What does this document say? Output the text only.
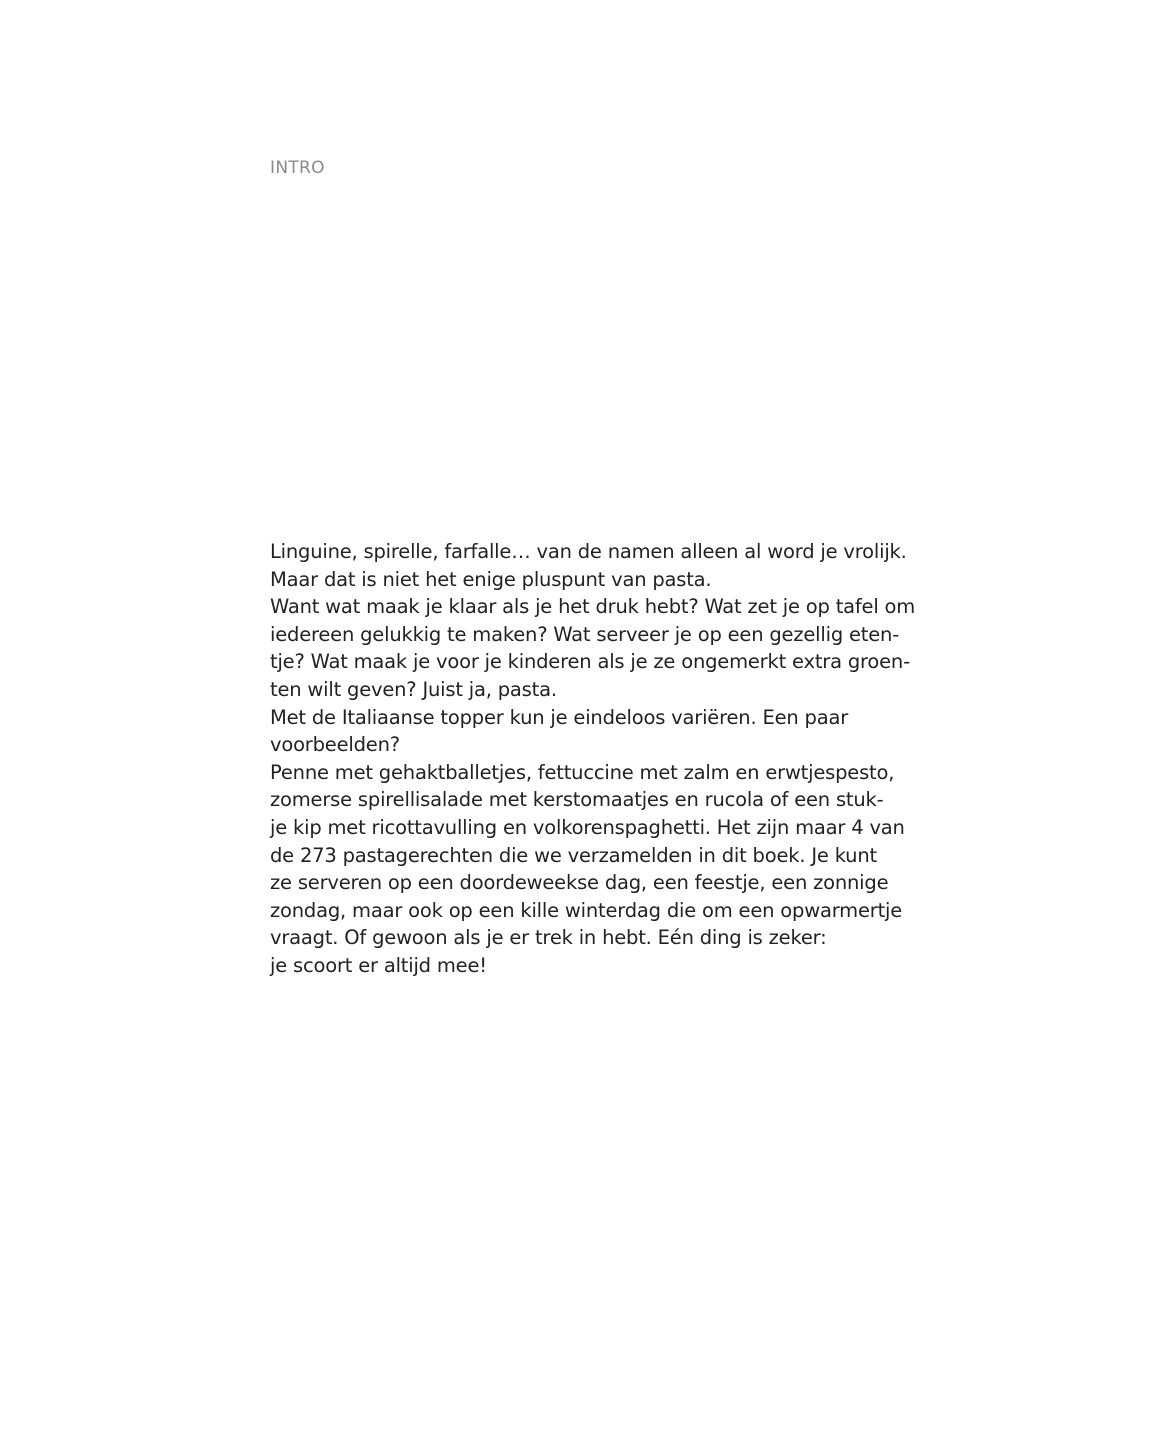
INTRO
Linguine, spirelle, farfalle… van de namen alleen al word je vrolijk.
Maar dat is niet het enige pluspunt van pasta.
Want wat maak je klaar als je het druk hebt? Wat zet je op tafel om
iedereen gelukkig te maken? Wat serveer je op een gezellig eten-
tje? Wat maak je voor je kinderen als je ze ongemerkt extra groen-
ten wilt geven? Juist ja, pasta.
Met de Italiaanse topper kun je eindeloos variëren. Een paar
voorbeelden?
Penne met gehaktballetjes, fettuccine met zalm en erwtjespesto,
zomerse spirellisalade met kerstomaatjes en rucola of een stuk-
je kip met ricottavulling en volkorenspaghetti. Het zijn maar 4 van
de 273 pastagerechten die we verzamelden in dit boek. Je kunt
ze serveren op een doordeweekse dag, een feestje, een zonnige
zondag, maar ook op een kille winterdag die om een opwarmertje
vraagt. Of gewoon als je er trek in hebt. Eén ding is zeker:
je scoort er altijd mee!
